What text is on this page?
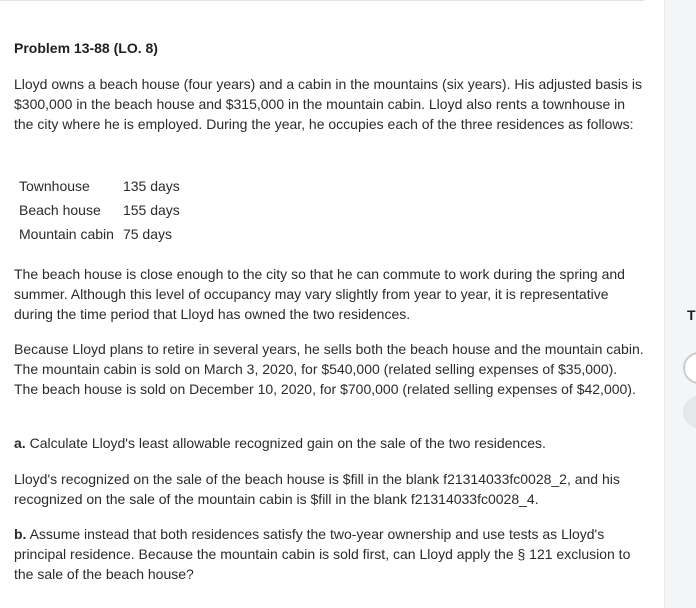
Problem 13-88 (LO. 8)

Lloyd owns a beach house (four years) and a cabin in the mountains (six years). His adjusted basis is $300,000 in the beach house and $315,000 in the mountain cabin. Lloyd also rents a townhouse in the city where he is employed. During the year, he occupies each of the three residences as follows:

Townhouse	135 days
Beach house	155 days
Mountain cabin	75 days

The beach house is close enough to the city so that he can commute to work during the spring and summer. Although this level of occupancy may vary slightly from year to year, it is representative during the time period that Lloyd has owned the two residences.

Because Lloyd plans to retire in several years, he sells both the beach house and the mountain cabin. The mountain cabin is sold on March 3, 2020, for $540,000 (related selling expenses of $35,000). The beach house is sold on December 10, 2020, for $700,000 (related selling expenses of $42,000).

a. Calculate Lloyd's least allowable recognized gain on the sale of the two residences.

Lloyd's recognized on the sale of the beach house is $fill in the blank f21314033fc0028_2, and his recognized on the sale of the mountain cabin is $fill in the blank f21314033fc0028_4.

b. Assume instead that both residences satisfy the two-year ownership and use tests as Lloyd's principal residence. Because the mountain cabin is sold first, can Lloyd apply the § 121 exclusion to the sale of the beach house?

T
